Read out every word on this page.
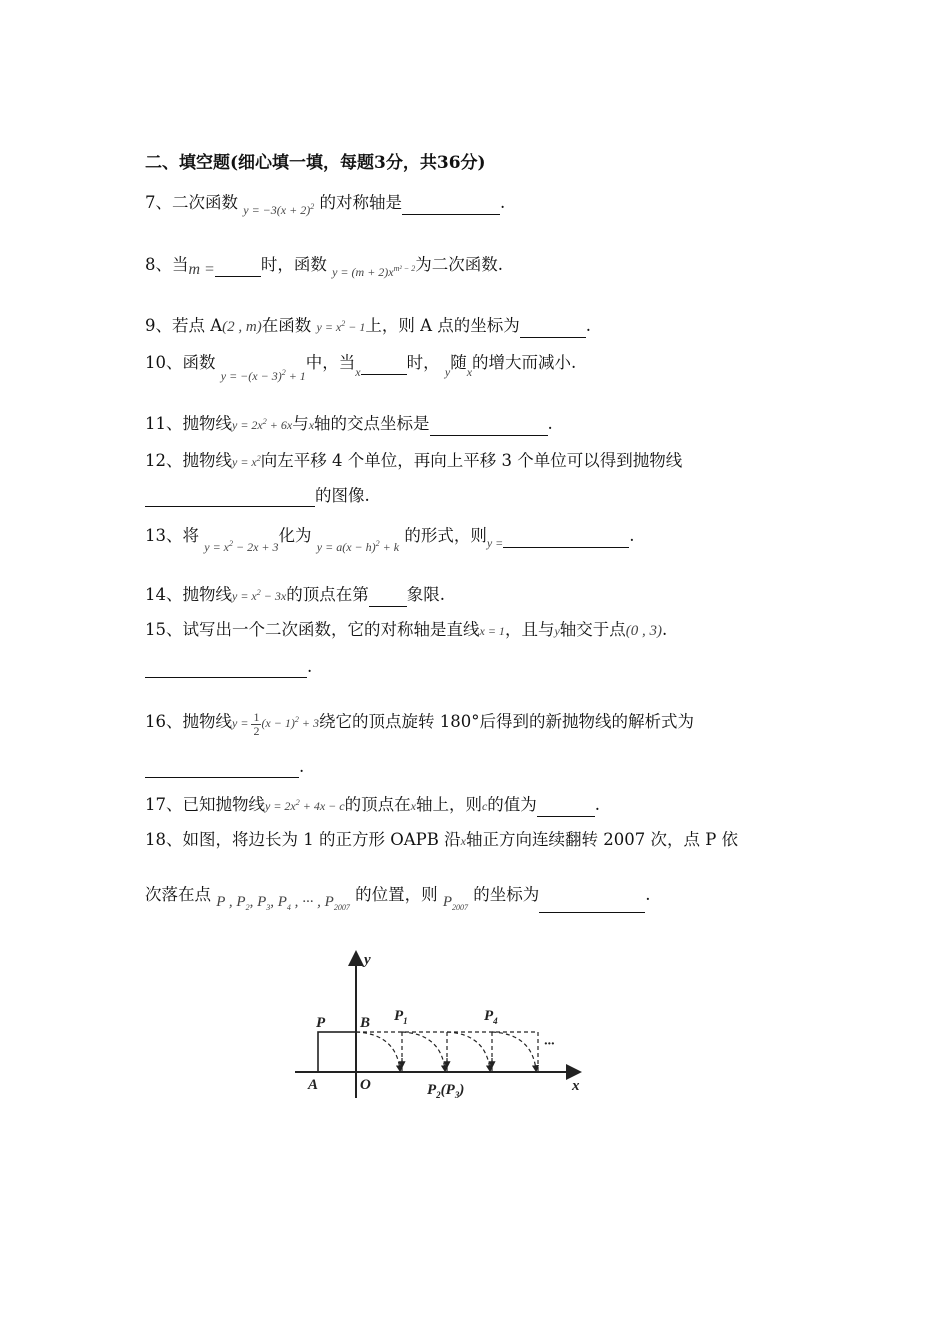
二、填空题(细心填一填，每题3分，共36分)
7、二次函数 $_{y = -3(x + 2)^2}$ 的对称轴是	.
8、当m =	时，函数 $_{y = (m + 2)x^{m^2 - 2}}$为二次函数.
9、若点 A(2 , m)在函数 $y = x^2 - 1$上，则 A 点的坐标为	.
10、函数 $_{y = -(x - 3)^2 + 1}$中，当$_x$	时， $_y$随$_x$的增大而减小.
11、抛物线$y = 2x^2 + 6x$与x轴的交点坐标是	.
12、抛物线$y = x^2$向左平移 4 个单位，再向上平移 3 个单位可以得到抛物线
的图像.
13、将 $_{y = x^2 - 2x + 3}$化为 $_{y = a(x - h)^2 + k}$ 的形式，则$_{y =}$	.
14、抛物线$y = x^2 - 3x$的顶点在第 象限.
15、试写出一个二次函数，它的对称轴是直线x = 1，且与y轴交于点(0 , 3).
.
16、抛物线$y = \frac{1}{2} (x - 1)^2 + 3$绕它的顶点旋转 180°后得到的新抛物线的解析式为
.
17、已知抛物线$y = 2x^2 + 4x - c$的顶点在x轴上，则c的值为	.
18、如图，将边长为 1 的正方形 OAPB 沿x轴正方向连续翻转 2007 次，点 P 依
次落在点 P , $P_2$, $P_3$, $P_4$ , ··· , $P_{2007}$ 的位置，则 $P_{2007}$ 的坐标为	.
···
y
x
P B
A	O
$P_1$	$P_4$
$P_2(P_3)$
